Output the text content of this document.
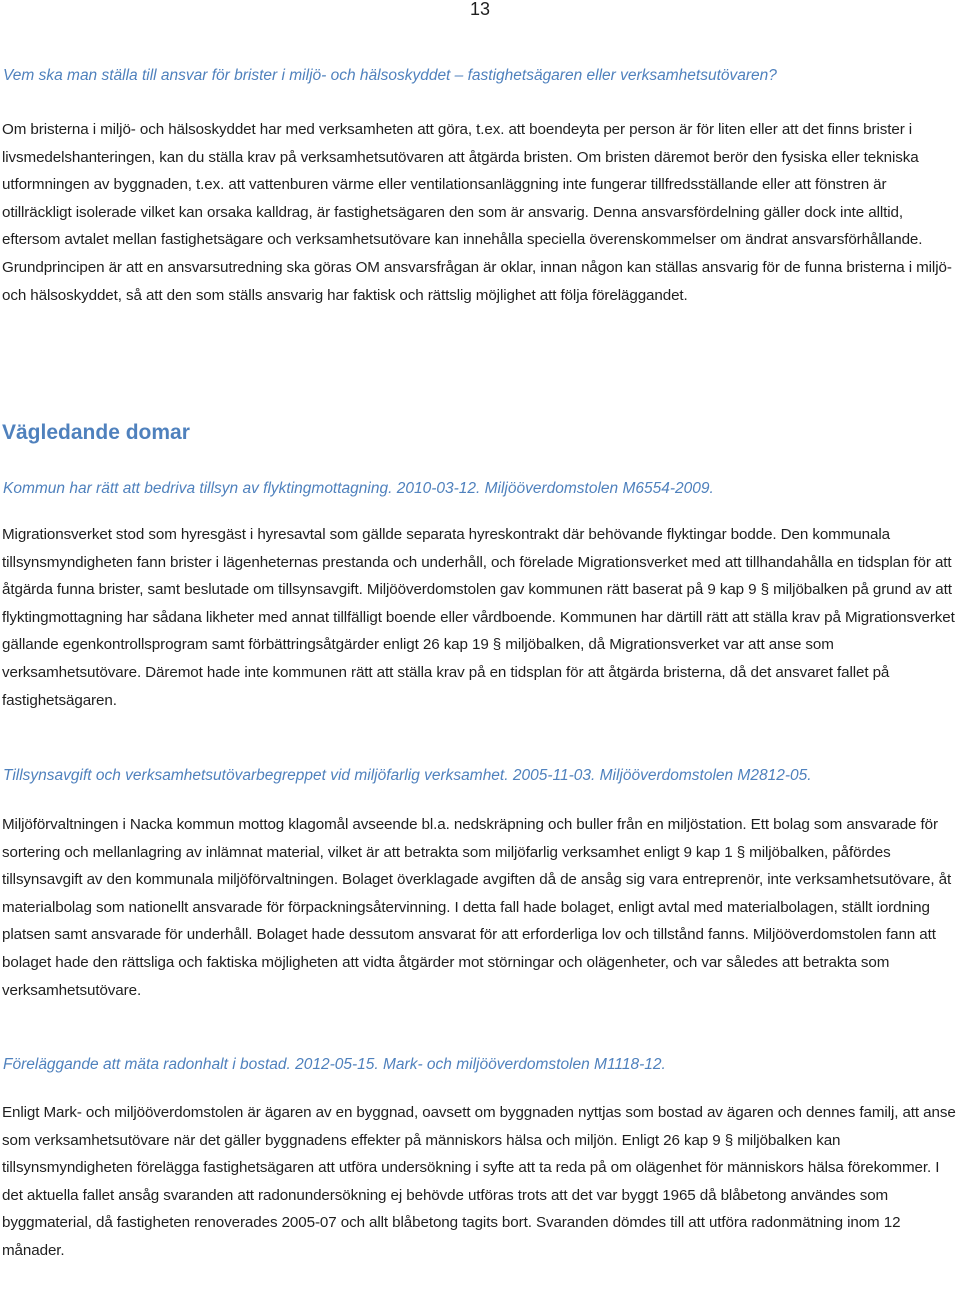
13

Vem ska man ställa till ansvar för brister i miljö- och hälsoskyddet – fastighetsägaren eller verksamhetsutövaren?

Om bristerna i miljö- och hälsoskyddet har med verksamheten att göra, t.ex. att boendeyta per person är för liten eller att det finns brister i livsmedelshanteringen, kan du ställa krav på verksamhetsutövaren att åtgärda bristen. Om bristen däremot berör den fysiska eller tekniska utformningen av byggnaden, t.ex. att vattenburen värme eller ventilationsanläggning inte fungerar tillfredsställande eller att fönstren är otillräckligt isolerade vilket kan orsaka kalldrag, är fastighetsägaren den som är ansvarig. Denna ansvarsfördelning gäller dock inte alltid, eftersom avtalet mellan fastighetsägare och verksamhetsutövare kan innehålla speciella överenskommelser om ändrat ansvarsförhållande. Grundprincipen är att en ansvarsutredning ska göras OM ansvarsfrågan är oklar, innan någon kan ställas ansvarig för de funna bristerna i miljö- och hälsoskyddet, så att den som ställs ansvarig har faktisk och rättslig möjlighet att följa föreläggandet.

Vägledande domar

Kommun har rätt att bedriva tillsyn av flyktingmottagning. 2010-03-12. Miljööverdomstolen M6554-2009.

Migrationsverket stod som hyresgäst i hyresavtal som gällde separata hyreskontrakt där behövande flyktingar bodde. Den kommunala tillsynsmyndigheten fann brister i lägenheternas prestanda och underhåll, och förelade Migrationsverket med att tillhandahålla en tidsplan för att åtgärda funna brister, samt beslutade om tillsynsavgift. Miljööverdomstolen gav kommunen rätt baserat på 9 kap 9 § miljöbalken på grund av att flyktingmottagning har sådana likheter med annat tillfälligt boende eller vårdboende. Kommunen har därtill rätt att ställa krav på Migrationsverket gällande egenkontrollsprogram samt förbättringsåtgärder enligt 26 kap 19 § miljöbalken, då Migrationsverket var att anse som verksamhetsutövare. Däremot hade inte kommunen rätt att ställa krav på en tidsplan för att åtgärda bristerna, då det ansvaret fallet på fastighetsägaren.

Tillsynsavgift och verksamhetsutövarbegreppet vid miljöfarlig verksamhet. 2005-11-03. Miljööverdomstolen M2812-05.

Miljöförvaltningen i Nacka kommun mottog klagomål avseende bl.a. nedskräpning och buller från en miljöstation. Ett bolag som ansvarade för sortering och mellanlagring av inlämnat material, vilket är att betrakta som miljöfarlig verksamhet enligt 9 kap 1 § miljöbalken, påfördes tillsynsavgift av den kommunala miljöförvaltningen. Bolaget överklagade avgiften då de ansåg sig vara entreprenör, inte verksamhetsutövare, åt materialbolag som nationellt ansvarade för förpackningsåtervinning. I detta fall hade bolaget, enligt avtal med materialbolagen, ställt iordning platsen samt ansvarade för underhåll. Bolaget hade dessutom ansvarat för att erforderliga lov och tillstånd fanns. Miljööverdomstolen fann att bolaget hade den rättsliga och faktiska möjligheten att vidta åtgärder mot störningar och olägenheter, och var således att betrakta som verksamhetsutövare.

Föreläggande att mäta radonhalt i bostad. 2012-05-15. Mark- och miljööverdomstolen M1118-12.

Enligt Mark- och miljööverdomstolen är ägaren av en byggnad, oavsett om byggnaden nyttjas som bostad av ägaren och dennes familj, att anse som verksamhetsutövare när det gäller byggnadens effekter på människors hälsa och miljön. Enligt 26 kap 9 § miljöbalken kan tillsynsmyndigheten förelägga fastighetsägaren att utföra undersökning i syfte att ta reda på om olägenhet för människors hälsa förekommer. I det aktuella fallet ansåg svaranden att radonundersökning ej behövde utföras trots att det var byggt 1965 då blåbetong användes som byggmaterial, då fastigheten renoverades 2005-07 och allt blåbetong tagits bort. Svaranden dömdes till att utföra radonmätning inom 12 månader.
